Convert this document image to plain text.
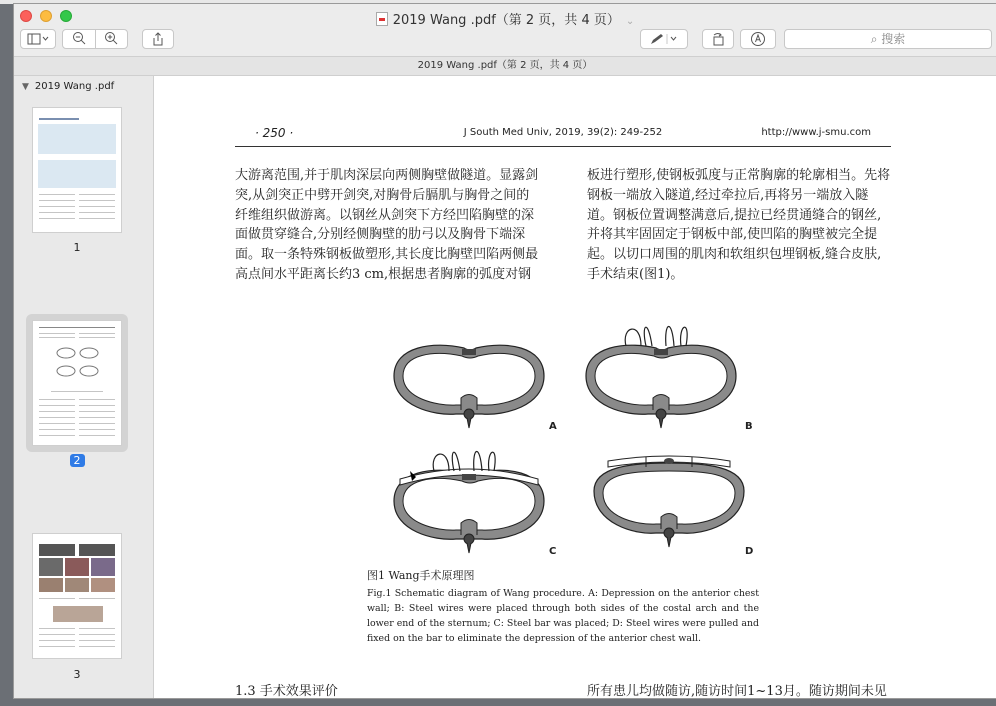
2019 Wang .pdf（第 2 页，共 4 页） ⌄
⌕ 搜索
2019 Wang .pdf（第 2 页，共 4 页）
▼ 2019 Wang .pdf
1
2
3
· 250 ·	J South Med Univ, 2019, 39(2): 249-252	http://www.j-smu.com
大游离范围,并于肌肉深层向两侧胸壁做隧道。显露剑
突,从剑突正中劈开剑突,对胸骨后膈肌与胸骨之间的
纤维组织做游离。以钢丝从剑突下方经凹陷胸壁的深
面做贯穿缝合,分别经侧胸壁的肋弓以及胸骨下端深
面。取一条特殊钢板做塑形,其长度比胸壁凹陷两侧最
高点间水平距离长约3 cm,根据患者胸廓的弧度对钢
板进行塑形,使钢板弧度与正常胸廓的轮廓相当。先将
钢板一端放入隧道,经过牵拉后,再将另一端放入隧
道。钢板位置调整满意后,提拉已经贯通缝合的钢丝,
并将其牢固固定于钢板中部,使凹陷的胸壁被完全提
起。以切口周围的肌肉和软组织包埋钢板,缝合皮肤,
手术结束(图1)。
A	B
C	D
图1 Wang手术原理图
Fig.1 Schematic diagram of Wang procedure. A: Depression on the anterior chest wall; B: Steel wires were placed through both sides of the costal arch and the lower end of the sternum; C: Steel bar was placed; D: Steel wires were pulled and fixed on the bar to eliminate the depression of the anterior chest wall.
1.3 手术效果评价	所有患儿均做随访,随访时间1~13月。随访期间未见
